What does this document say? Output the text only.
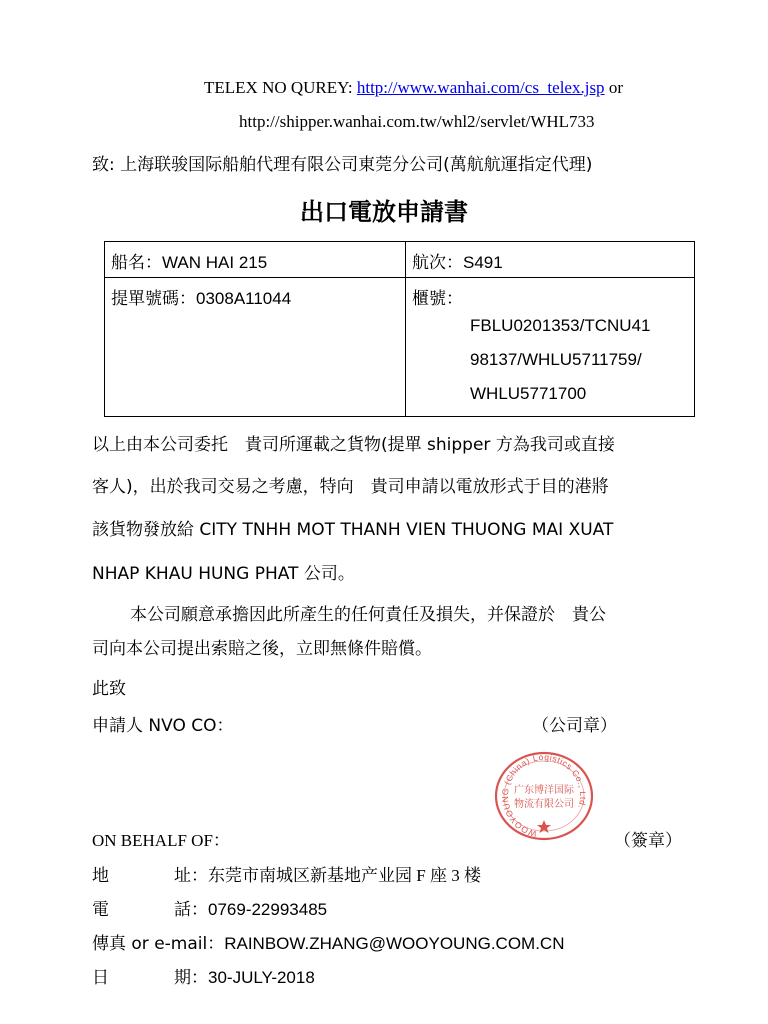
TELEX NO QUREY: http://www.wanhai.com/cs_telex.jsp or
http://shipper.wanhai.com.tw/whl2/servlet/WHL733
致: 上海联骏国际船舶代理有限公司東莞分公司(萬航航運指定代理)
出口電放申請書
船名：WAN HAI 215	航次：S491
提單號碼：0308A11044	櫃號：
FBLU0201353/TCNU41
98137/WHLU5711759/
WHLU5771700
以上由本公司委托　貴司所運載之貨物(提單 shipper 方為我司或直接
客人)，出於我司交易之考慮，特向　貴司申請以電放形式于目的港將
該貨物發放給 CITY TNHH MOT THANH VIEN THUONG MAI XUAT
NHAP KHAU HUNG PHAT 公司。
本公司願意承擔因此所產生的任何責任及損失，并保證於　貴公
司向本公司提出索賠之後，立即無條件賠償。
此致
申請人 NVO CO：	（公司章）
WOOYOUNG (China) Logistics Co., Ltd.
广东博洋国际
物流有限公司
ON BEHALF OF：	（簽章）
地	址：东莞市南城区新基地产业园 F 座 3 楼
電	話：0769-22993485
傳真 or e-mail：RAINBOW.ZHANG@WOOYOUNG.COM.CN
日	期：30-JULY-2018
